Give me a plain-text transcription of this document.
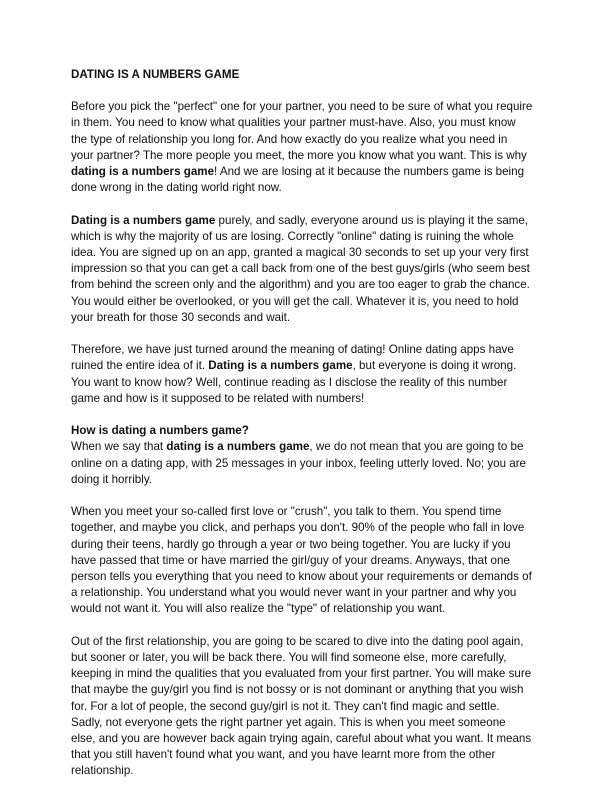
DATING IS A NUMBERS GAME

Before you pick the "perfect" one for your partner, you need to be sure of what you require in them. You need to know what qualities your partner must-have. Also, you must know the type of relationship you long for. And how exactly do you realize what you need in your partner? The more people you meet, the more you know what you want. This is why dating is a numbers game! And we are losing at it because the numbers game is being done wrong in the dating world right now.

Dating is a numbers game purely, and sadly, everyone around us is playing it the same, which is why the majority of us are losing. Correctly "online" dating is ruining the whole idea. You are signed up on an app, granted a magical 30 seconds to set up your very first impression so that you can get a call back from one of the best guys/girls (who seem best from behind the screen only and the algorithm) and you are too eager to grab the chance. You would either be overlooked, or you will get the call. Whatever it is, you need to hold your breath for those 30 seconds and wait.

Therefore, we have just turned around the meaning of dating! Online dating apps have ruined the entire idea of it. Dating is a numbers game, but everyone is doing it wrong. You want to know how? Well, continue reading as I disclose the reality of this number game and how is it supposed to be related with numbers!

How is dating a numbers game?

When we say that dating is a numbers game, we do not mean that you are going to be online on a dating app, with 25 messages in your inbox, feeling utterly loved. No; you are doing it horribly.

When you meet your so-called first love or "crush", you talk to them. You spend time together, and maybe you click, and perhaps you don't. 90% of the people who fall in love during their teens, hardly go through a year or two being together. You are lucky if you have passed that time or have married the girl/guy of your dreams. Anyways, that one person tells you everything that you need to know about your requirements or demands of a relationship. You understand what you would never want in your partner and why you would not want it. You will also realize the "type" of relationship you want.

Out of the first relationship, you are going to be scared to dive into the dating pool again, but sooner or later, you will be back there. You will find someone else, more carefully, keeping in mind the qualities that you evaluated from your first partner. You will make sure that maybe the guy/girl you find is not bossy or is not dominant or anything that you wish for. For a lot of people, the second guy/girl is not it. They can't find magic and settle. Sadly, not everyone gets the right partner yet again. This is when you meet someone else, and you are however back again trying again, careful about what you want. It means that you still haven't found what you want, and you have learnt more from the other relationship.
